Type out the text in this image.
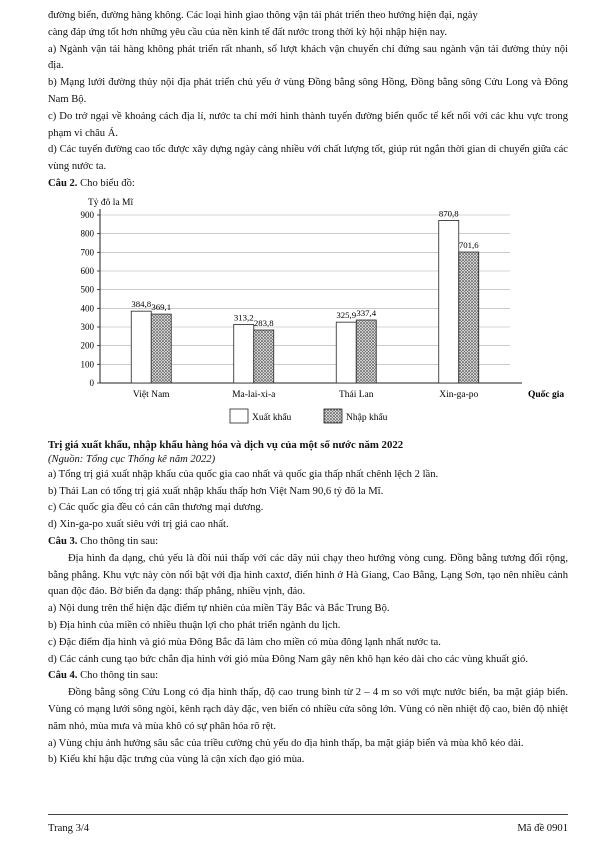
đường biển, đường hàng không. Các loại hình giao thông vận tải phát triển theo hướng hiện đại, ngày

càng đáp ứng tốt hơn những yêu cầu của nền kinh tế đất nước trong thời kỳ hội nhập hiện nay.

a) Ngành vận tải hàng không phát triển rất nhanh, số lượt khách vận chuyển chỉ đứng sau ngành vận tải đường thủy nội địa.

b) Mạng lưới đường thủy nội địa phát triển chủ yếu ở vùng Đồng bằng sông Hồng, Đồng bằng sông Cửu Long và Đông Nam Bộ.

c) Do trở ngại về khoảng cách địa lí, nước ta chỉ mới hình thành tuyến đường biển quốc tế kết nối với các khu vực trong phạm vi châu Á.

d) Các tuyến đường cao tốc được xây dựng ngày càng nhiều với chất lượng tốt, giúp rút ngắn thời gian di chuyển giữa các vùng nước ta.

Câu 2. Cho biểu đồ:

Tỷ đô la Mĩ
0
100
200
300
400
500
600
700
800
900
Việt Nam
384,8 369,1
Ma-lai-xi-a
313,2
283,8
Thái Lan
325,9 337,4
Xin-ga-po
870,8
701,6
Quốc gia
Xuất khẩu	Nhập khẩu

Trị giá xuất khẩu, nhập khẩu hàng hóa và dịch vụ của một số nước năm 2022

(Nguồn: Tổng cục Thống kê năm 2022)

a) Tổng trị giá xuất nhập khẩu của quốc gia cao nhất và quốc gia thấp nhất chênh lệch 2 lần.

b) Thái Lan có tổng trị giá xuất nhập khẩu thấp hơn Việt Nam 90,6 tỷ đô la Mĩ.

c) Các quốc gia đều có cán cân thương mại dương.

d) Xin-ga-po xuất siêu với trị giá cao nhất.

Câu 3. Cho thông tin sau:

Địa hình đa dạng, chủ yếu là đồi núi thấp với các dãy núi chạy theo hướng vòng cung. Đồng bằng tương đối rộng, bằng phẳng. Khu vực này còn nổi bật với địa hình caxtơ, điển hình ở Hà Giang, Cao Bằng, Lạng Sơn, tạo nên nhiều cảnh quan độc đáo. Bờ biển đa dạng: thấp phẳng, nhiều vịnh, đảo.

a) Nội dung trên thể hiện đặc điểm tự nhiên của miền Tây Bắc và Bắc Trung Bộ.

b) Địa hình của miền có nhiều thuận lợi cho phát triển ngành du lịch.

c) Đặc điểm địa hình và gió mùa Đông Bắc đã làm cho miền có mùa đông lạnh nhất nước ta.

d) Các cánh cung tạo bức chắn địa hình với gió mùa Đông Nam gây nên khô hạn kéo dài cho các vùng khuất gió.

Câu 4. Cho thông tin sau:

Đồng bằng sông Cửu Long có địa hình thấp, độ cao trung bình từ 2 – 4 m so với mực nước biển, ba mặt giáp biển. Vùng có mạng lưới sông ngòi, kênh rạch dày đặc, ven biển có nhiều cửa sông lớn. Vùng có nền nhiệt độ cao, biên độ nhiệt năm nhỏ, mùa mưa và mùa khô có sự phân hóa rõ rệt.

a) Vùng chịu ảnh hưởng sâu sắc của triều cường chủ yếu do địa hình thấp, ba mặt giáp biển và mùa khô kéo dài.

b) Kiểu khí hậu đặc trưng của vùng là cận xích đạo gió mùa.

Trang 3/4	Mã đề 0901
